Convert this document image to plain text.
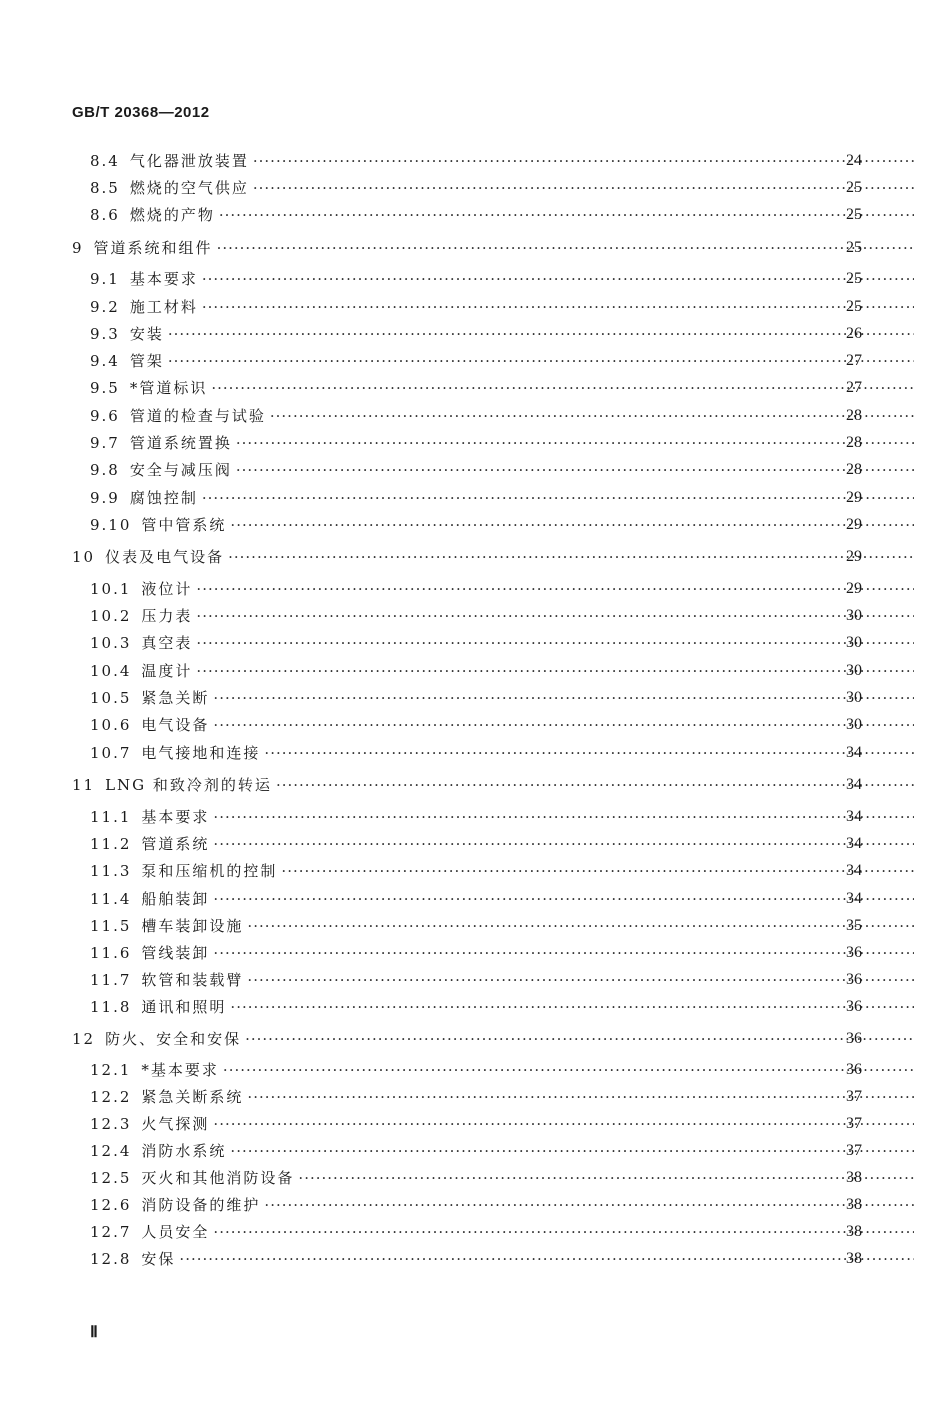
GB/T 20368—2012
8.4 气化器泄放装置 ·····	24
8.5 燃烧的空气供应 ·····	25
8.6 燃烧的产物 ·····	25
9 管道系统和组件 ·····	25
9.1 基本要求 ·····	25
9.2 施工材料 ·····	25
9.3 安装 ·····	26
9.4 管架 ·····	27
9.5 *管道标识 ·····	27
9.6 管道的检查与试验 ·····	28
9.7 管道系统置换 ·····	28
9.8 安全与减压阀 ·····	28
9.9 腐蚀控制 ·····	29
9.10 管中管系统 ·····	29
10 仪表及电气设备 ·····	29
10.1 液位计 ·····	29
10.2 压力表 ·····	30
10.3 真空表 ·····	30
10.4 温度计 ·····	30
10.5 紧急关断 ·····	30
10.6 电气设备 ·····	30
10.7 电气接地和连接 ·····	34
11 LNG 和致冷剂的转运 ·····	34
11.1 基本要求 ·····	34
11.2 管道系统 ·····	34
11.3 泵和压缩机的控制 ·····	34
11.4 船舶装卸 ·····	34
11.5 槽车装卸设施 ·····	35
11.6 管线装卸 ·····	36
11.7 软管和装载臂 ·····	36
11.8 通讯和照明 ·····	36
12 防火、安全和安保 ·····	36
12.1 *基本要求 ·····	36
12.2 紧急关断系统 ·····	37
12.3 火气探测 ·····	37
12.4 消防水系统 ·····	37
12.5 灭火和其他消防设备 ·····	38
12.6 消防设备的维护 ·····	38
12.7 人员安全 ·····	38
12.8 安保 ·····	38
Ⅱ
